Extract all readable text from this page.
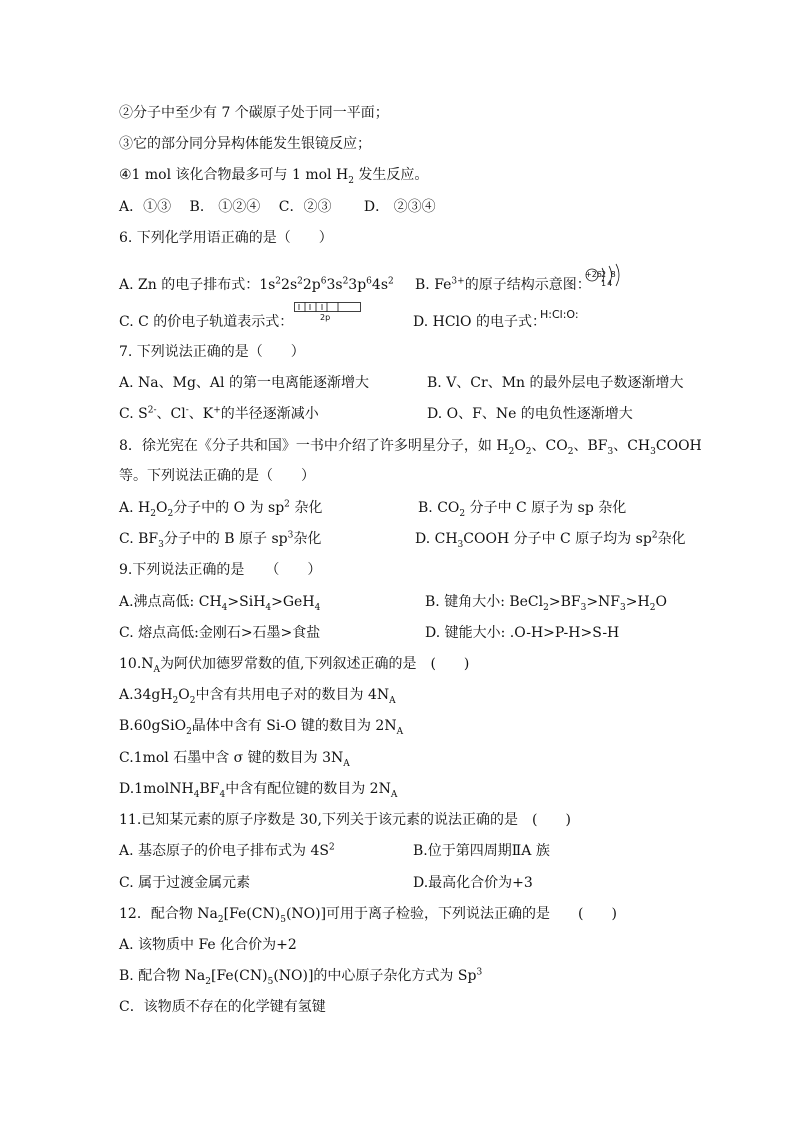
②分子中至少有 7 个碳原子处于同一平面；
③它的部分同分异构体能发生银镜反应；
④1 mol 该化合物最多可与 1 mol $H_2$ 发生反应。
A．①③　 B． ①②④　 C．②③　　 D． ②③④
6. 下列化学用语正确的是（　　）
A. Zn 的电子排布式：$1s^22s^22p^63s^23p^64s^2$ B. $Fe^{3+}$的原子结构示意图：
+26 2 8 14
C. C 的价电子轨道表示式：	2p	D. HClO 的电子式：
H:Cl:O:
7. 下列说法正确的是（　　）
A. Na、Mg、Al 的第一电离能逐渐增大	B. V、Cr、Mn 的最外层电子数逐渐增大
C. $S^{2-}$、Cl-、K+的半径逐渐减小	D. O、F、Ne 的电负性逐渐增大
8．徐光宪在《分子共和国》一书中介绍了许多明星分子，如 $H_2O_2$、$CO_2$、$BF_3$、$CH_3COOH$
等。下列说法正确的是（　　）
A. $H_2O_2$分子中的 O 为 $sp^2$ 杂化	B. $CO_2$ 分子中 C 原子为 sp 杂化
C. $BF_3$分子中的 B 原子 $sp^3$杂化	D. $CH_3COOH$ 分子中 C 原子均为 $sp^2$杂化
9.下列说法正确的是　　（　　）
A.沸点高低: $CH_4>SiH_4>GeH_4$	B. 键角大小: $BeCl_2>BF_3>NF_3>H_2O$
C. 熔点高低:金刚石>石墨>食盐	D. 键能大小: .O-H>P-H>S-H
$10.N_A$为阿伏加德罗常数的值,下列叙述正确的是　(　　)
$A.34gH_2O_2$中含有共用电子对的数目为 $4N_A$
B.60gSiO$_2$晶体中含有 Si-O 键的数目为 $2N_A$
C.1mol 石墨中含 σ 键的数目为 $3N_A$
$D.1molNH_4BF_4$中含有配位键的数目为 $2N_A$
11.已知某元素的原子序数是 30,下列关于该元素的说法正确的是　(　　)
A. 基态原子的价电子排布式为 $4S^2$	B.位于第四周期ⅡA 族
C. 属于过渡金属元素	D.最高化合价为+3
12．配合物 $Na_2[Fe(CN)_5(NO)]$可用于离子检验，下列说法正确的是　　(　　)
A. 该物质中 Fe 化合价为+2
B. 配合物 $Na_2[Fe(CN)_5(NO)]$的中心原子杂化方式为 Sp$^3$
C．该物质不存在的化学键有氢键
